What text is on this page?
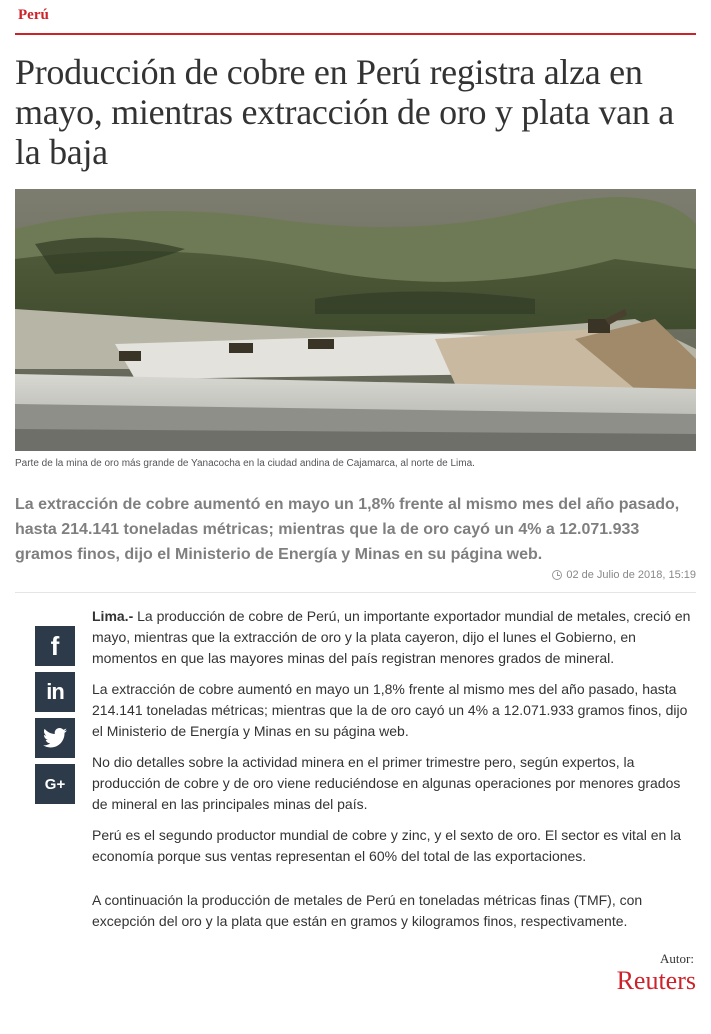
Perú
Producción de cobre en Perú registra alza en mayo, mientras extracción de oro y plata van a la baja
Parte de la mina de oro más grande de Yanacocha en la ciudad andina de Cajamarca, al norte de Lima.

La extracción de cobre aumentó en mayo un 1,8% frente al mismo mes del año pasado, hasta 214.141 toneladas métricas; mientras que la de oro cayó un 4% a 12.071.933 gramos finos, dijo el Ministerio de Energía y Minas en su página web.

02 de Julio de 2018, 15:19
f
in
G+

Lima.- La producción de cobre de Perú, un importante exportador mundial de metales, creció en mayo, mientras que la extracción de oro y la plata cayeron, dijo el lunes el Gobierno, en momentos en que las mayores minas del país registran menores grados de mineral.

La extracción de cobre aumentó en mayo un 1,8% frente al mismo mes del año pasado, hasta 214.141 toneladas métricas; mientras que la de oro cayó un 4% a 12.071.933 gramos finos, dijo el Ministerio de Energía y Minas en su página web.

No dio detalles sobre la actividad minera en el primer trimestre pero, según expertos, la producción de cobre y de oro viene reduciéndose en algunas operaciones por menores grados de mineral en las principales minas del país.

Perú es el segundo productor mundial de cobre y zinc, y el sexto de oro. El sector es vital en la economía porque sus ventas representan el 60% del total de las exportaciones.

A continuación la producción de metales de Perú en toneladas métricas finas (TMF), con excepción del oro y la plata que están en gramos y kilogramos finos, respectivamente.

Autor:
Reuters
